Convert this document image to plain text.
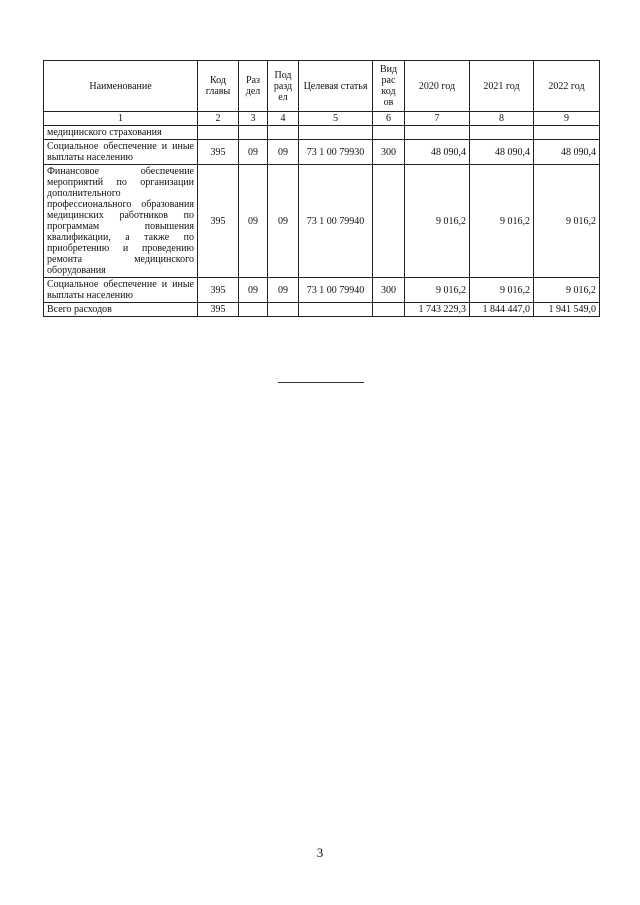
Наименование	Код главы	Раз дел	Под разд ел	Целевая статья	Вид рас код ов	2020 год	2021 год	2022 год
1	2	3	4	5	6	7	8	9
медицинского страхования								
Социальное обеспечение и иные выплаты населению	395	09	09	73 1 00 79930	300	48 090,4	48 090,4	48 090,4
Финансовое обеспечение мероприятий по организации дополнительного профессионального образования медицинских работников по программам повышения квалификации, а также по приобретению и проведению ремонта медицинского оборудования	395	09	09	73 1 00 79940		9 016,2	9 016,2	9 016,2
Социальное обеспечение и иные выплаты населению	395	09	09	73 1 00 79940	300	9 016,2	9 016,2	9 016,2
Всего расходов	395					1 743 229,3	1 844 447,0	1 941 549,0
3
